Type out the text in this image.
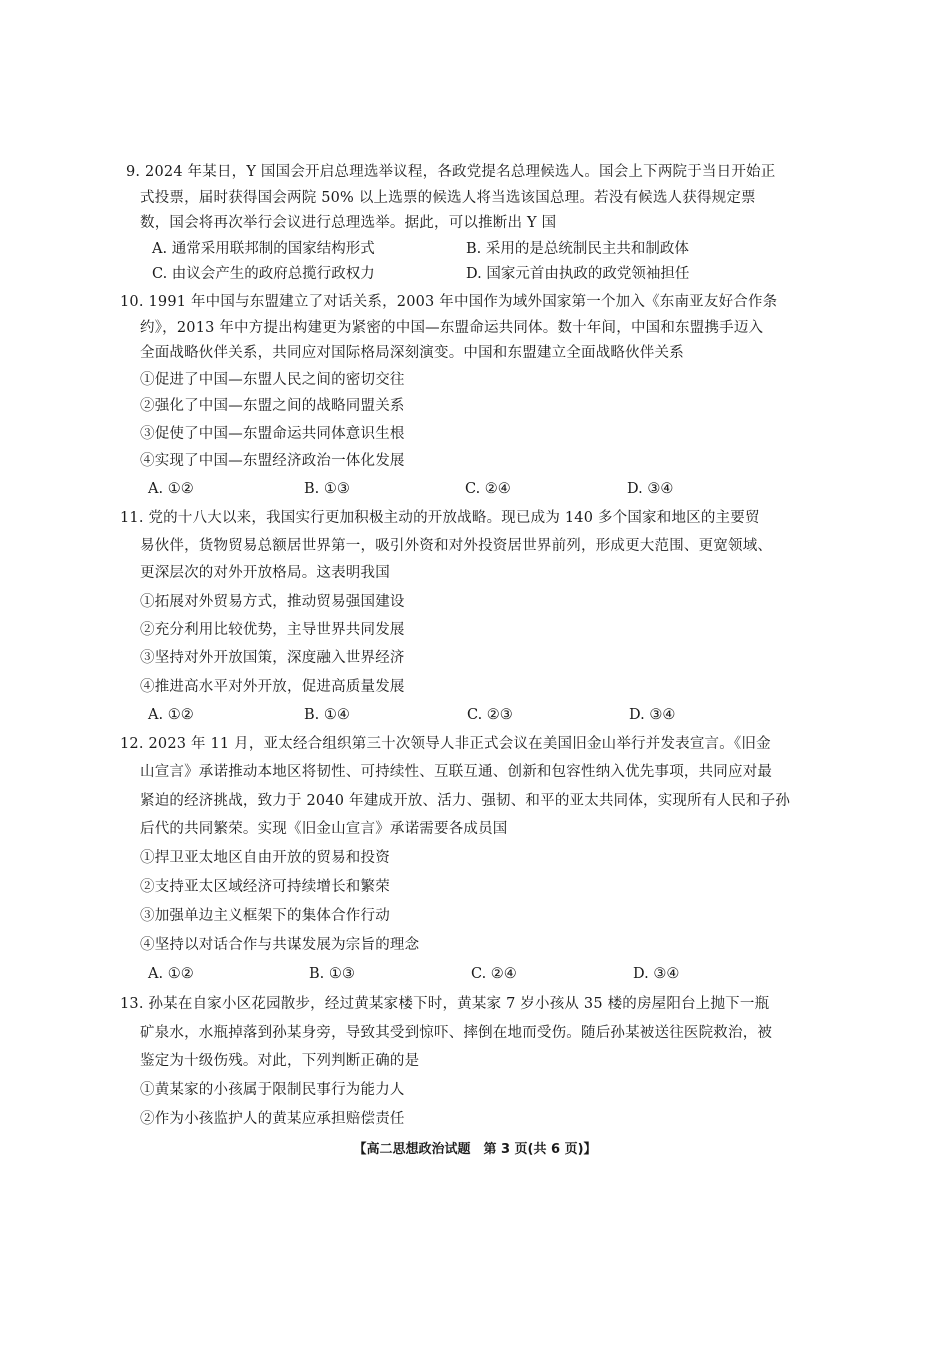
9. 2024 年某日，Y 国国会开启总理选举议程，各政党提名总理候选人。国会上下两院于当日开始正
式投票，届时获得国会两院 50% 以上选票的候选人将当选该国总理。若没有候选人获得规定票
数，国会将再次举行会议进行总理选举。据此，可以推断出 Y 国
A. 通常采用联邦制的国家结构形式	B. 采用的是总统制民主共和制政体
C. 由议会产生的政府总揽行政权力	D. 国家元首由执政的政党领袖担任
10. 1991 年中国与东盟建立了对话关系，2003 年中国作为域外国家第一个加入《东南亚友好合作条
约》，2013 年中方提出构建更为紧密的中国—东盟命运共同体。数十年间，中国和东盟携手迈入
全面战略伙伴关系，共同应对国际格局深刻演变。中国和东盟建立全面战略伙伴关系
①促进了中国—东盟人民之间的密切交往
②强化了中国—东盟之间的战略同盟关系
③促使了中国—东盟命运共同体意识生根
④实现了中国—东盟经济政治一体化发展
A. ①②	B. ①③	C. ②④	D. ③④
11. 党的十八大以来，我国实行更加积极主动的开放战略。现已成为 140 多个国家和地区的主要贸
易伙伴，货物贸易总额居世界第一，吸引外资和对外投资居世界前列，形成更大范围、更宽领域、
更深层次的对外开放格局。这表明我国
①拓展对外贸易方式，推动贸易强国建设
②充分利用比较优势，主导世界共同发展
③坚持对外开放国策，深度融入世界经济
④推进高水平对外开放，促进高质量发展
A. ①②	B. ①④	C. ②③	D. ③④
12. 2023 年 11 月，亚太经合组织第三十次领导人非正式会议在美国旧金山举行并发表宣言。《旧金
山宣言》承诺推动本地区将韧性、可持续性、互联互通、创新和包容性纳入优先事项，共同应对最
紧迫的经济挑战，致力于 2040 年建成开放、活力、强韧、和平的亚太共同体，实现所有人民和子孙
后代的共同繁荣。实现《旧金山宣言》承诺需要各成员国
①捍卫亚太地区自由开放的贸易和投资
②支持亚太区域经济可持续增长和繁荣
③加强单边主义框架下的集体合作行动
④坚持以对话合作与共谋发展为宗旨的理念
A. ①②	B. ①③	C. ②④	D. ③④
13. 孙某在自家小区花园散步，经过黄某家楼下时，黄某家 7 岁小孩从 35 楼的房屋阳台上抛下一瓶
矿泉水，水瓶掉落到孙某身旁，导致其受到惊吓、摔倒在地而受伤。随后孙某被送往医院救治，被
鉴定为十级伤残。对此，下列判断正确的是
①黄某家的小孩属于限制民事行为能力人
②作为小孩监护人的黄某应承担赔偿责任
【高二思想政治试题　第 3 页(共 6 页)】
